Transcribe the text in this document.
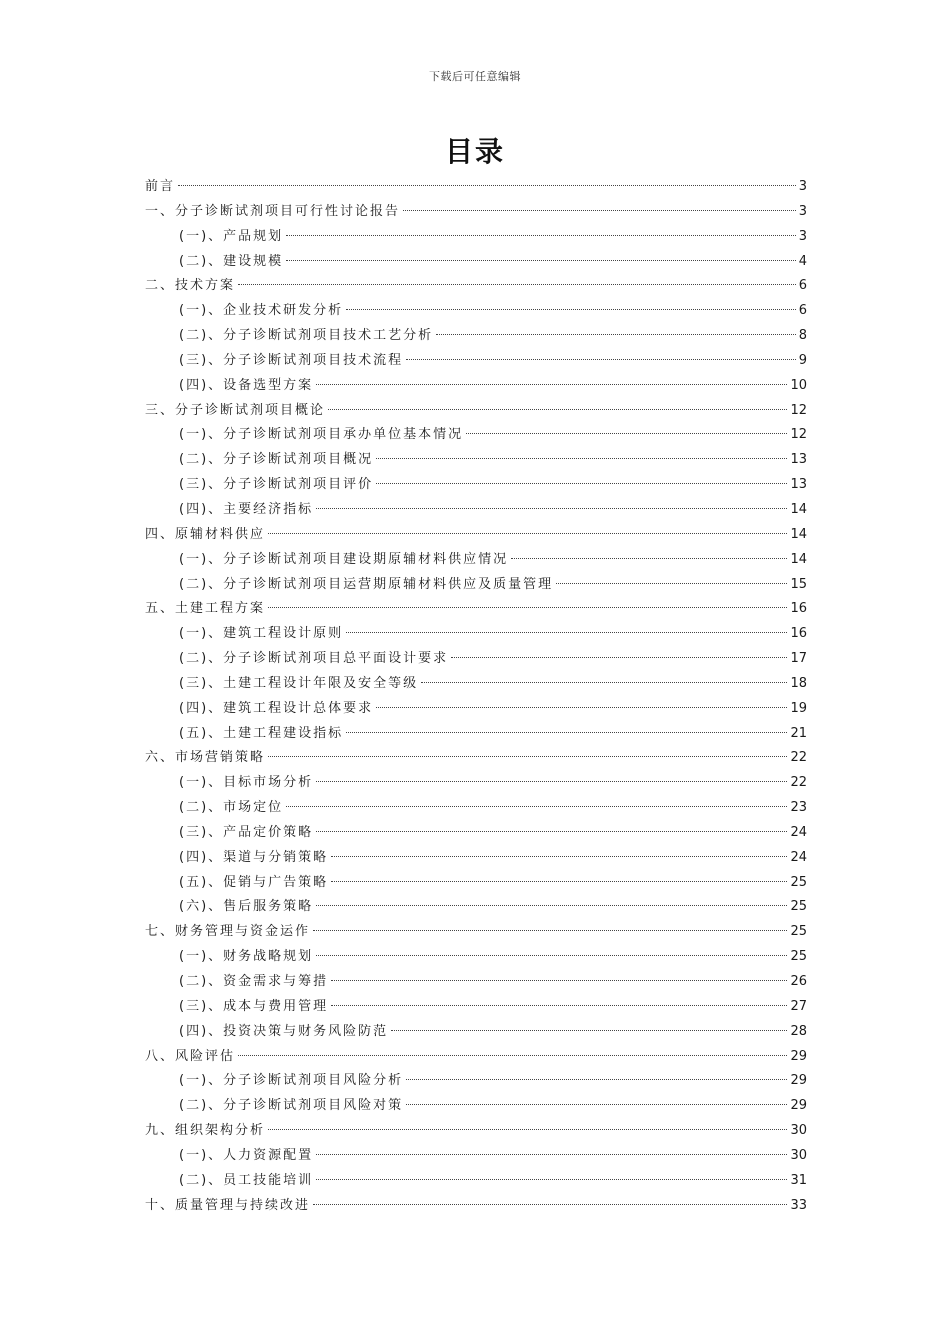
下载后可任意编辑
目录
前言	3
一、分子诊断试剂项目可行性讨论报告	3
(一)、产品规划	3
(二)、建设规模	4
二、技术方案	6
(一)、企业技术研发分析	6
(二)、分子诊断试剂项目技术工艺分析	8
(三)、分子诊断试剂项目技术流程	9
(四)、设备选型方案	10
三、分子诊断试剂项目概论	12
(一)、分子诊断试剂项目承办单位基本情况	12
(二)、分子诊断试剂项目概况	13
(三)、分子诊断试剂项目评价	13
(四)、主要经济指标	14
四、原辅材料供应	14
(一)、分子诊断试剂项目建设期原辅材料供应情况	14
(二)、分子诊断试剂项目运营期原辅材料供应及质量管理	15
五、土建工程方案	16
(一)、建筑工程设计原则	16
(二)、分子诊断试剂项目总平面设计要求	17
(三)、土建工程设计年限及安全等级	18
(四)、建筑工程设计总体要求	19
(五)、土建工程建设指标	21
六、市场营销策略	22
(一)、目标市场分析	22
(二)、市场定位	23
(三)、产品定价策略	24
(四)、渠道与分销策略	24
(五)、促销与广告策略	25
(六)、售后服务策略	25
七、财务管理与资金运作	25
(一)、财务战略规划	25
(二)、资金需求与筹措	26
(三)、成本与费用管理	27
(四)、投资决策与财务风险防范	28
八、风险评估	29
(一)、分子诊断试剂项目风险分析	29
(二)、分子诊断试剂项目风险对策	29
九、组织架构分析	30
(一)、人力资源配置	30
(二)、员工技能培训	31
十、质量管理与持续改进	33
